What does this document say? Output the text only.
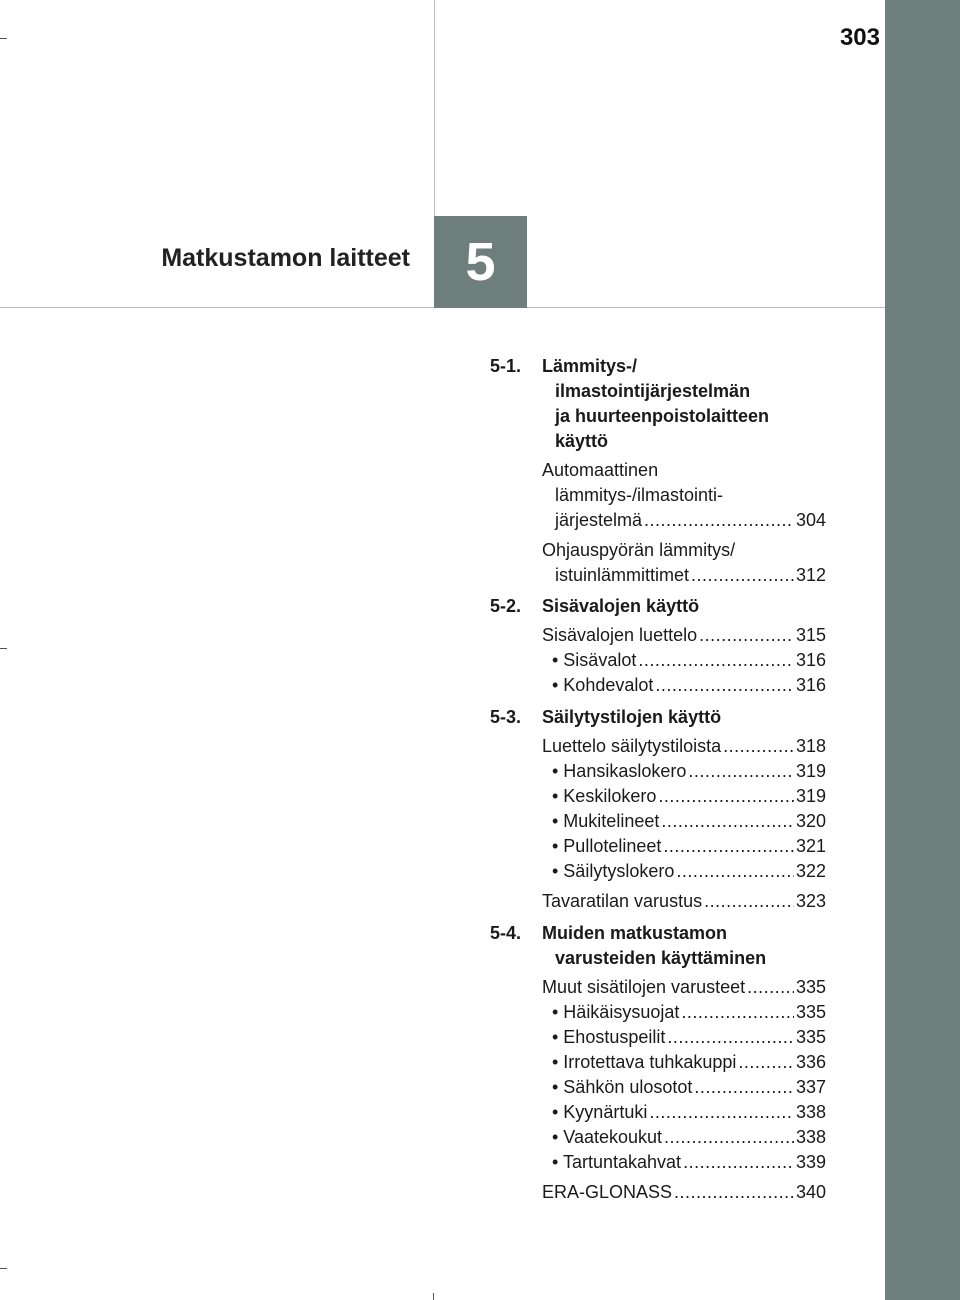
303
5
Matkustamon laitteet
5-1. Lämmitys-/
ilmastointijärjestelmän
ja huurteenpoistolaitteen
käyttö
Automaattinen
lämmitys-/ilmastointi-
järjestelmä .....	304
Ohjauspyörän lämmitys/
istuinlämmittimet .....	312
5-2. Sisävalojen käyttö
Sisävalojen luettelo .....	315
• Sisävalot .....	316
• Kohdevalot .....	316
5-3. Säilytystilojen käyttö
Luettelo säilytystiloista .....	318
• Hansikaslokero .....	319
• Keskilokero .....	319
• Mukitelineet .....	320
• Pullotelineet .....	321
• Säilytyslokero .....	322
Tavaratilan varustus .....	323
5-4. Muiden matkustamon
varusteiden käyttäminen
Muut sisätilojen varusteet .....	335
• Häikäisysuojat .....	335
• Ehostuspeilit .....	335
• Irrotettava tuhkakuppi .....	336
• Sähkön ulosotot .....	337
• Kyynärtuki .....	338
• Vaatekoukut .....	338
• Tartuntakahvat .....	339
ERA-GLONASS .....	340
